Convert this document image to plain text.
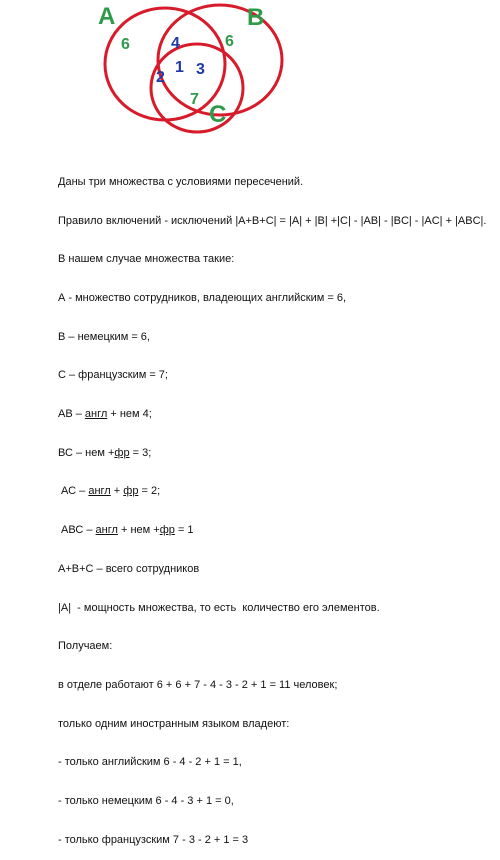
A	B
C
6	6
7
4
2
1 3

Даны три множества с условиями пересечений.

Правило включений - исключений |A+B+C| = |A| + |B| +|C| - |AB| - |BC| - |AC| + |ABC|.

В нашем случае множества такие:

А - множество сотрудников, владеющих английским = 6,

В – немецким = 6,

С – французским = 7;

АВ – англ + нем 4;

ВС – нем +фр = 3;

АС – англ + фр = 2;

АВС – англ + нем +фр = 1

A+B+C – всего сотрудников

|A|  - мощность множества, то есть  количество его элементов.

Получаем:

в отделе работают 6 + 6 + 7 - 4 - 3 - 2 + 1 = 11 человек;

только одним иностранным языком владеют:

- только английским 6 - 4 - 2 + 1 = 1,

- только немецким 6 - 4 - 3 + 1 = 0,

- только французским 7 - 3 - 2 + 1 = 3
